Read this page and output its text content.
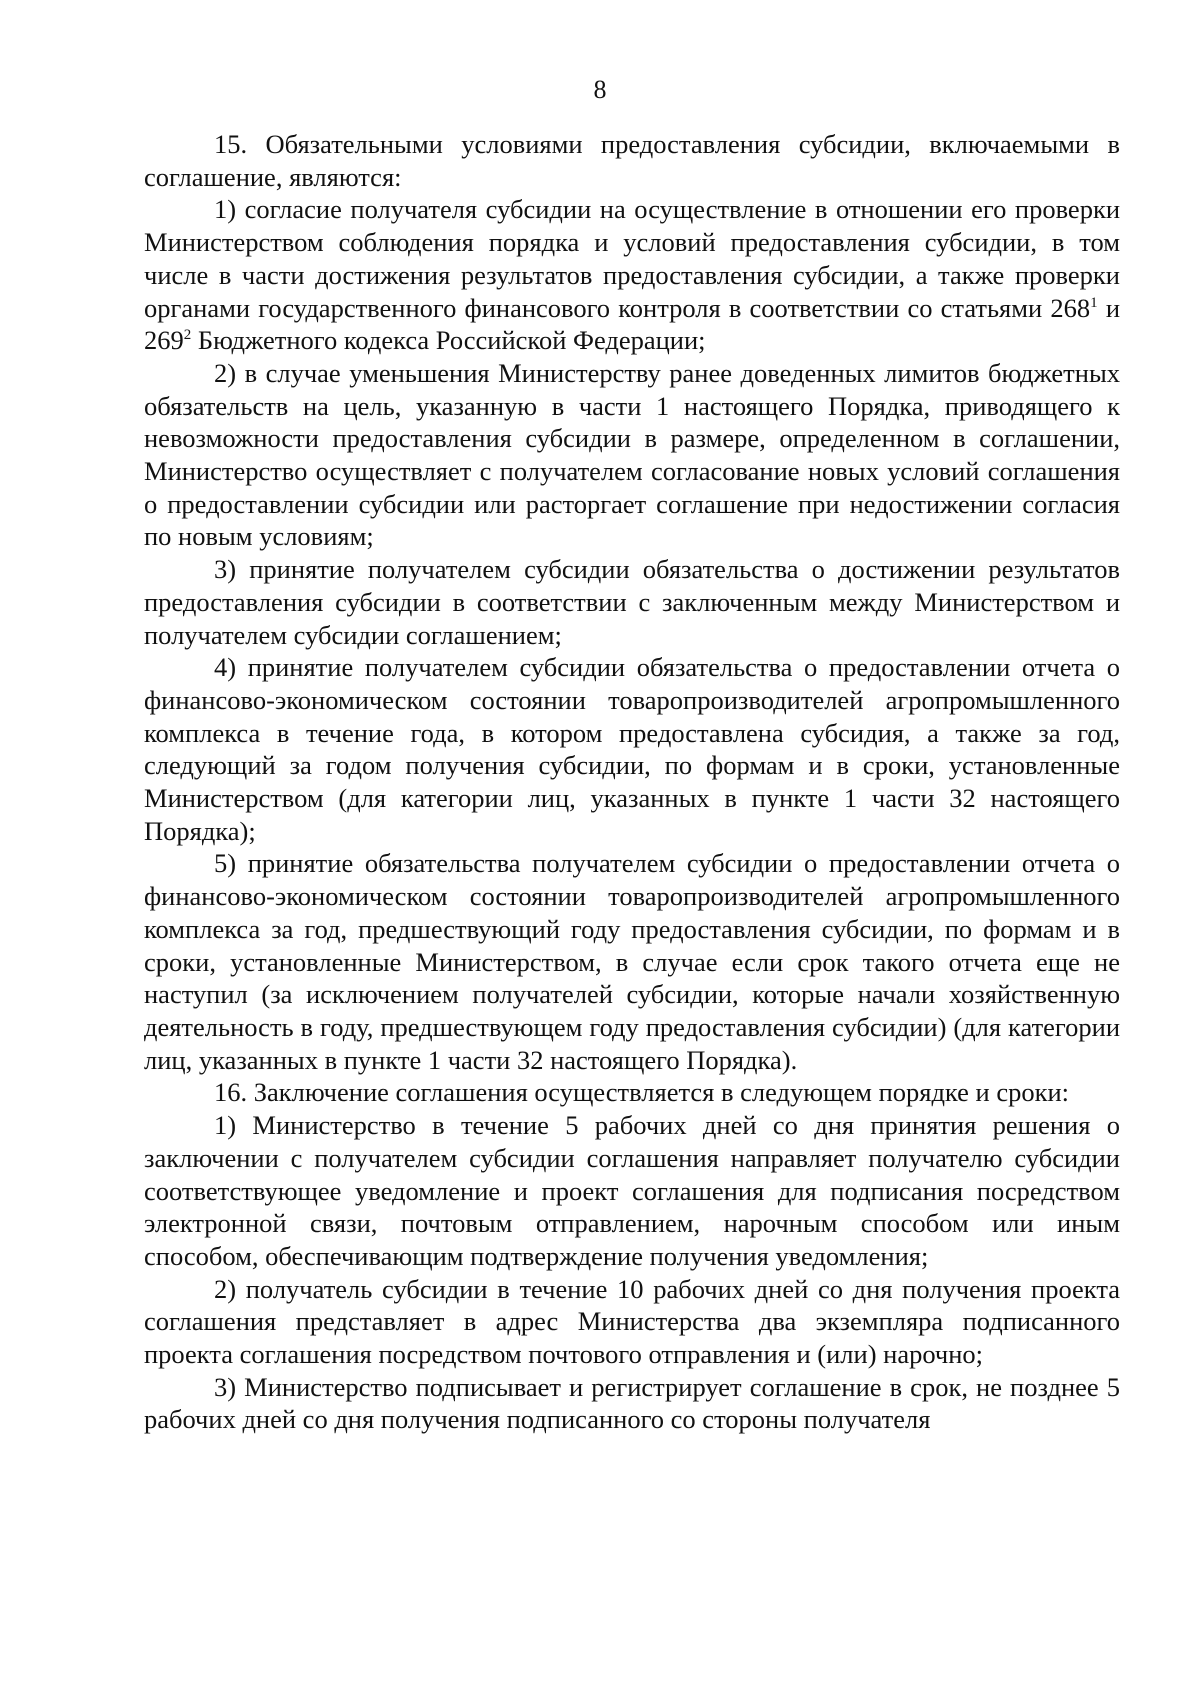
8

15. Обязательными условиями предоставления субсидии, включаемыми в соглашение, являются:

1) согласие получателя субсидии на осуществление в отношении его проверки Министерством соблюдения порядка и условий предоставления субсидии, в том числе в части достижения результатов предоставления субсидии, а также проверки органами государственного финансового контроля в соответствии со статьями $268^1$ и $269^2$ Бюджетного кодекса Российской Федерации;

2) в случае уменьшения Министерству ранее доведенных лимитов бюджетных обязательств на цель, указанную в части 1 настоящего Порядка, приводящего к невозможности предоставления субсидии в размере, определенном в соглашении, Министерство осуществляет с получателем согласование новых условий соглашения о предоставлении субсидии или расторгает соглашение при недостижении согласия по новым условиям;

3) принятие получателем субсидии обязательства о достижении результатов предоставления субсидии в соответствии с заключенным между Министерством и получателем субсидии соглашением;

4) принятие получателем субсидии обязательства о предоставлении отчета о финансово-экономическом состоянии товаропроизводителей агропромышленного комплекса в течение года, в котором предоставлена субсидия, а также за год, следующий за годом получения субсидии, по формам и в сроки, установленные Министерством (для категории лиц, указанных в пункте 1 части 32 настоящего Порядка);

5) принятие обязательства получателем субсидии о предоставлении отчета о финансово-экономическом состоянии товаропроизводителей агропромышленного комплекса за год, предшествующий году предоставления субсидии, по формам и в сроки, установленные Министерством, в случае если срок такого отчета еще не наступил (за исключением получателей субсидии, которые начали хозяйственную деятельность в году, предшествующем году предоставления субсидии) (для категории лиц, указанных в пункте 1 части 32 настоящего Порядка).

16. Заключение соглашения осуществляется в следующем порядке и сроки:

1) Министерство в течение 5 рабочих дней со дня принятия решения о заключении с получателем субсидии соглашения направляет получателю субсидии соответствующее уведомление и проект соглашения для подписания посредством электронной связи, почтовым отправлением, нарочным способом или иным способом, обеспечивающим подтверждение получения уведомления;

2) получатель субсидии в течение 10 рабочих дней со дня получения проекта соглашения представляет в адрес Министерства два экземпляра подписанного проекта соглашения посредством почтового отправления и (или) нарочно;

3) Министерство подписывает и регистрирует соглашение в срок, не позднее 5 рабочих дней со дня получения подписанного со стороны получателя
